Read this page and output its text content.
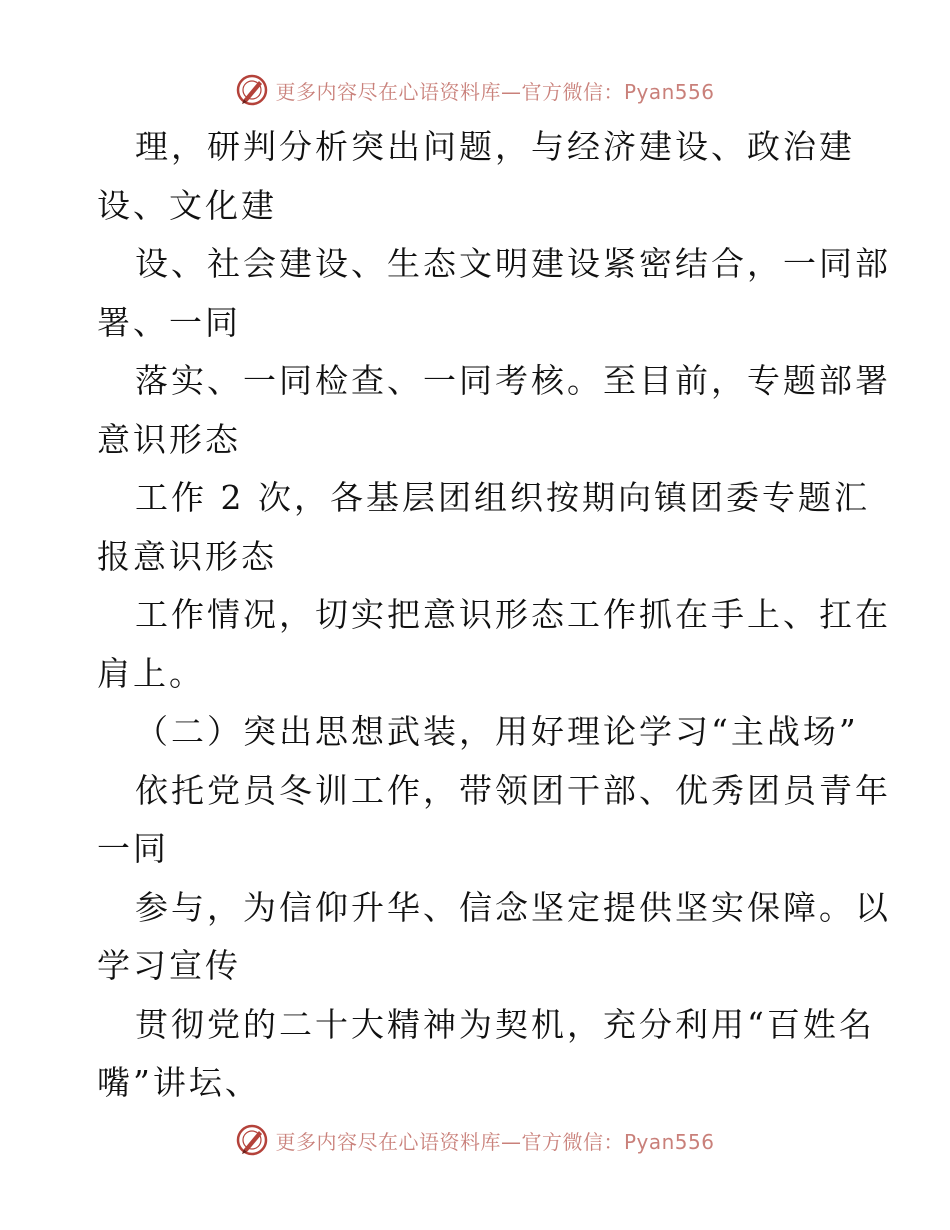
更多内容尽在心语资料库—官方微信：Pyan556
理，研判分析突出问题，与经济建设、政治建
设、文化建
设、社会建设、生态文明建设紧密结合，一同部
署、一同
落实、一同检查、一同考核。至目前，专题部署
意识形态
工作 2 次，各基层团组织按期向镇团委专题汇
报意识形态
工作情况，切实把意识形态工作抓在手上、扛在
肩上。
（二）突出思想武装，用好理论学习“主战场”
依托党员冬训工作，带领团干部、优秀团员青年
一同
参与，为信仰升华、信念坚定提供坚实保障。以
学习宣传
贯彻党的二十大精神为契机，充分利用“百姓名
嘴”讲坛、
更多内容尽在心语资料库—官方微信：Pyan556
